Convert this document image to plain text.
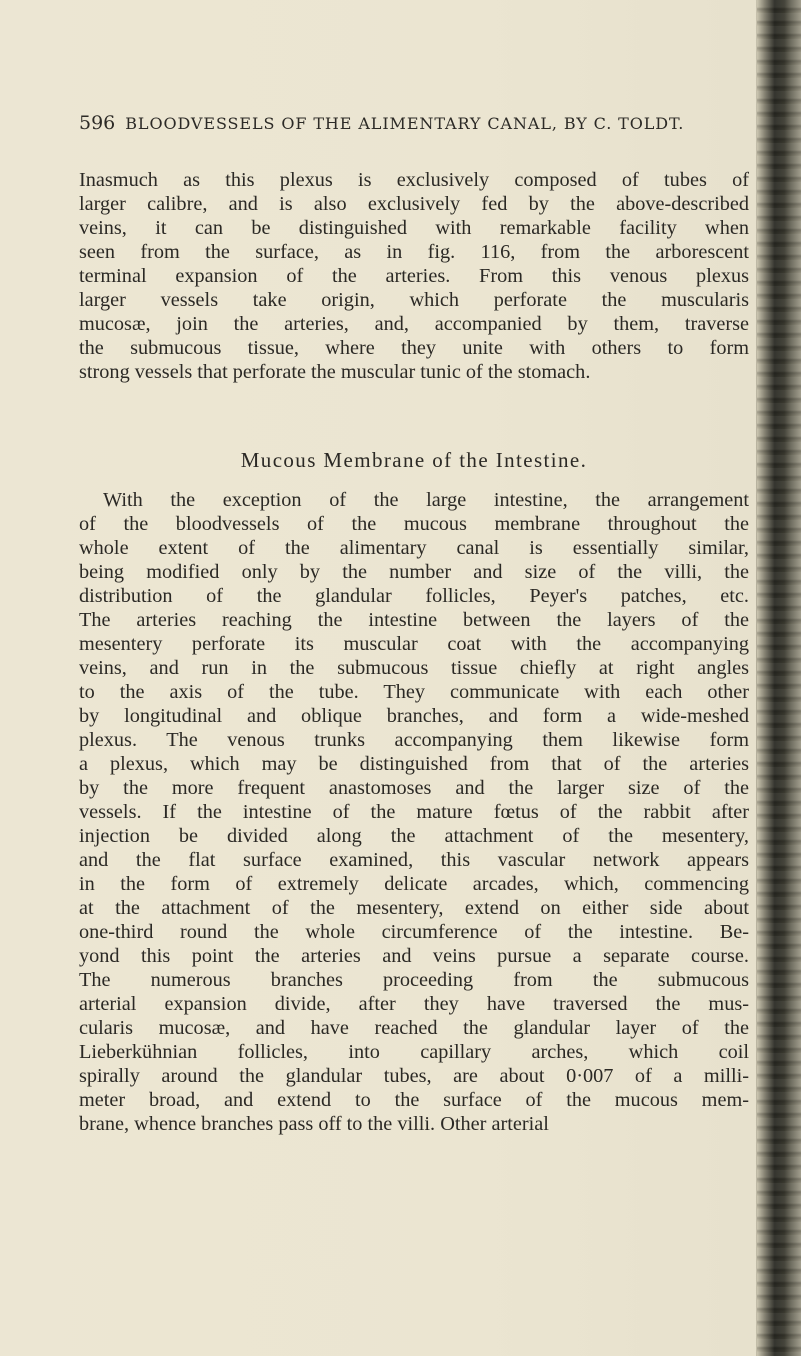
596 BLOODVESSELS OF THE ALIMENTARY CANAL, BY C. TOLDT.
Inasmuch as this plexus is exclusively composed of tubes of
larger calibre, and is also exclusively fed by the above-described
veins, it can be distinguished with remarkable facility when
seen from the surface, as in fig. 116, from the arborescent
terminal expansion of the arteries. From this venous plexus
larger vessels take origin, which perforate the muscularis
mucosæ, join the arteries, and, accompanied by them, traverse
the submucous tissue, where they unite with others to form
strong vessels that perforate the muscular tunic of the stomach.
Mucous Membrane of the Intestine.
With the exception of the large intestine, the arrangement
of the bloodvessels of the mucous membrane throughout the
whole extent of the alimentary canal is essentially similar,
being modified only by the number and size of the villi, the
distribution of the glandular follicles, Peyer's patches, etc.
The arteries reaching the intestine between the layers of the
mesentery perforate its muscular coat with the accompanying
veins, and run in the submucous tissue chiefly at right angles
to the axis of the tube. They communicate with each other
by longitudinal and oblique branches, and form a wide-meshed
plexus. The venous trunks accompanying them likewise form
a plexus, which may be distinguished from that of the arteries
by the more frequent anastomoses and the larger size of the
vessels. If the intestine of the mature fœtus of the rabbit after
injection be divided along the attachment of the mesentery,
and the flat surface examined, this vascular network appears
in the form of extremely delicate arcades, which, commencing
at the attachment of the mesentery, extend on either side about
one-third round the whole circumference of the intestine. Be-
yond this point the arteries and veins pursue a separate course.
The numerous branches proceeding from the submucous
arterial expansion divide, after they have traversed the mus-
cularis mucosæ, and have reached the glandular layer of the
Lieberkühnian follicles, into capillary arches, which coil
spirally around the glandular tubes, are about 0·007 of a milli-
meter broad, and extend to the surface of the mucous mem-
brane, whence branches pass off to the villi. Other arterial
